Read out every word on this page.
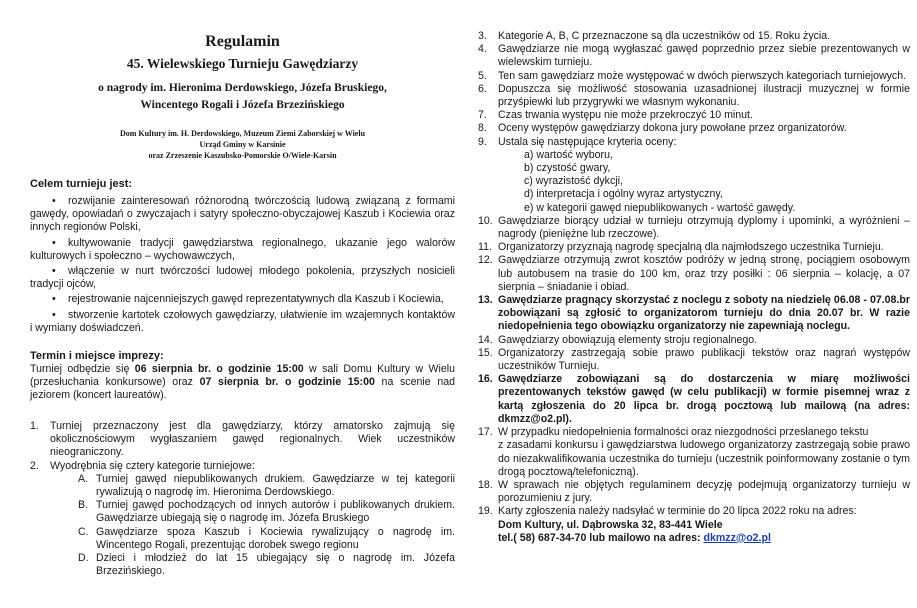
Regulamin
45. Wielewskiego Turnieju Gawędziarzy
o nagrody im. Hieronima Derdowskiego, Józefa Bruskiego,
Wincentego Rogali i Józefa Brzezińskiego
Dom Kultury im. H. Derdowskiego, Muzeum Ziemi Zaborskiej w Wielu
Urząd Gminy w Karsinie
oraz Zrzeszenie Kaszubsko-Pomorskie O/Wiele-Karsin
Celem turnieju jest:
• rozwijanie zainteresowań różnorodną twórczością ludową związaną z formami gawędy, opowiadań o zwyczajach i satyry społeczno-obyczajowej Kaszub i Kociewia oraz innych regionów Polski,
• kultywowanie tradycji gawędziarstwa regionalnego, ukazanie jego walorów kulturowych i społeczno – wychowawczych,
• włączenie w nurt twórczości ludowej młodego pokolenia, przyszłych nosicieli tradycji ojców,
• rejestrowanie najcenniejszych gawęd reprezentatywnych dla Kaszub i Kociewia,
• stworzenie kartotek czołowych gawędziarzy, ułatwienie im wzajemnych kontaktów i wymiany doświadczeń.
Termin i miejsce imprezy:
Turniej odbędzie się 06 sierpnia br. o godzinie 15:00 w sali Domu Kultury w Wielu (przesłuchania konkursowe) oraz 07 sierpnia br. o godzinie 15:00 na scenie nad jeziorem (koncert laureatów).
1.	Turniej przeznaczony jest dla gawędziarzy, którzy amatorsko zajmują się okolicznościowym wygłaszaniem gawęd regionalnych. Wiek uczestników nieograniczony.
2.	Wyodrębnia się cztery kategorie turniejowe:
A. Turniej gawęd niepublikowanych drukiem. Gawędziarze w tej kategorii rywalizują o nagrodę im. Hieronima Derdowskiego.
B. Turniej gawęd pochodzących od innych autorów i publikowanych drukiem. Gawędziarze ubiegają się o nagrodę im. Józefa Bruskiego
C. Gawędziarze spoza Kaszub i Kociewia rywalizujący o nagrodę im. Wincentego Rogali, prezentując dorobek swego regionu
D. Dzieci i młodzież do lat 15 ubiegający się o nagrodę im. Józefa Brzezińskiego.
3.	Kategorie A, B, C przeznaczone są dla uczestników od 15. Roku życia.
4.	Gawędziarze nie mogą wygłaszać gawęd poprzednio przez siebie prezentowanych w wielewskim turnieju.
5.	Ten sam gawędziarz może występować w dwóch pierwszych kategoriach turniejowych.
6.	Dopuszcza się możliwość stosowania uzasadnionej ilustracji muzycznej w formie przyśpiewki lub przygrywki we własnym wykonaniu.
7.	Czas trwania występu nie może przekroczyć 10 minut.
8.	Oceny występów gawędziarzy dokona jury powołane przez organizatorów.
9.	Ustala się następujące kryteria oceny:
a) wartość wyboru,
b) czystość gwary,
c) wyrazistość dykcji,
d) interpretacja i ogólny wyraz artystyczny,
e) w kategorii gawęd niepublikowanych - wartość gawędy.
10. Gawędziarze biorący udział w turnieju otrzymują dyplomy i upominki, a wyróżnieni – nagrody (pieniężne lub rzeczowe).
11. Organizatorzy przyznają nagrodę specjalną dla najmłodszego uczestnika Turnieju.
12. Gawędziarze otrzymują zwrot kosztów podróży w jedną stronę, pociągiem osobowym lub autobusem na trasie do 100 km, oraz trzy posiłki : 06 sierpnia – kolację, a 07 sierpnia – śniadanie i obiad.
13. Gawędziarze pragnący skorzystać z noclegu z soboty na niedzielę 06.08 - 07.08.br zobowiązani są zgłosić to organizatorom turnieju do dnia 20.07 br. W razie niedopełnienia tego obowiązku organizatorzy nie zapewniają noclegu.
14. Gawędziarzy obowiązują elementy stroju regionalnego.
15. Organizatorzy zastrzegają sobie prawo publikacji tekstów oraz nagrań występów uczestników Turnieju.
16. Gawędziarze zobowiązani są do dostarczenia w miarę możliwości prezentowanych tekstów gawęd (w celu publikacji) w formie pisemnej wraz z kartą zgłoszenia do 20 lipca br. drogą pocztową lub mailową (na adres: dkmzz@o2.pl).
17. W przypadku niedopełnienia formalności oraz niezgodności przesłanego tekstu
z zasadami konkursu i gawędziarstwa ludowego organizatorzy zastrzegają sobie prawo do niezakwalifikowania uczestnika do turnieju (uczestnik poinformowany zostanie o tym drogą pocztową/telefoniczną).
18. W sprawach nie objętych regulaminem decyzję podejmują organizatorzy turnieju w porozumieniu z jury.
19. Karty zgłoszenia należy nadsyłać w terminie do 20 lipca 2022 roku na adres:
Dom Kultury, ul. Dąbrowska 32, 83-441 Wiele
tel.( 58) 687-34-70 lub mailowo na adres: dkmzz@o2.pl
